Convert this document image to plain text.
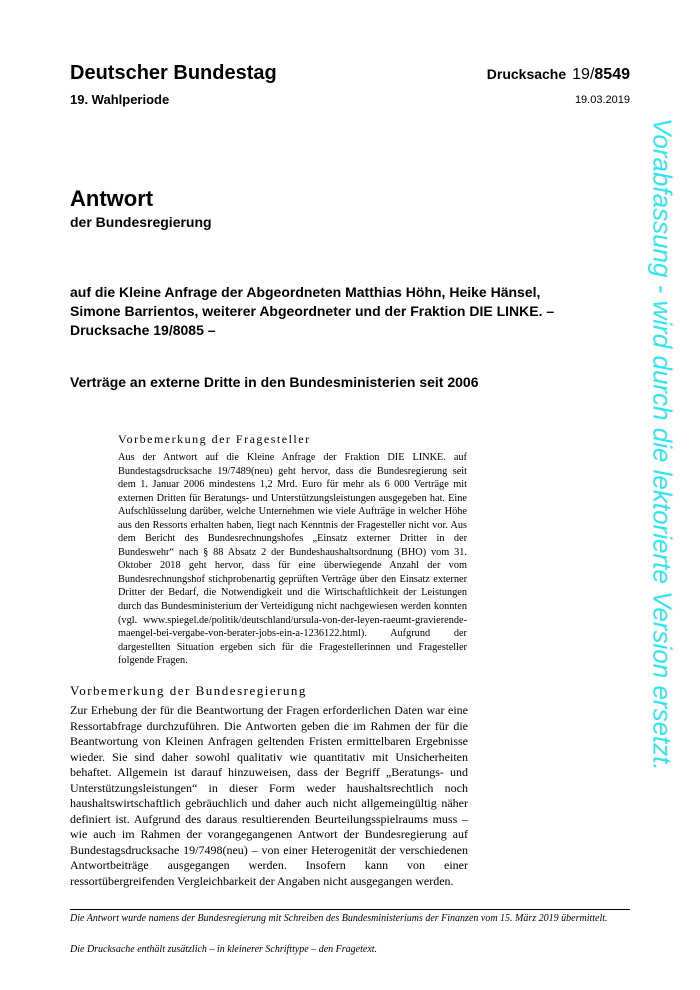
Deutscher Bundestag
19. Wahlperiode
Drucksache 19/8549
19.03.2019
Antwort
der Bundesregierung
auf die Kleine Anfrage der Abgeordneten Matthias Höhn, Heike Hänsel, Simone Barrientos, weiterer Abgeordneter und der Fraktion DIE LINKE. – Drucksache 19/8085 –
Verträge an externe Dritte in den Bundesministerien seit 2006
Vorbemerkung der Fragesteller
Aus der Antwort auf die Kleine Anfrage der Fraktion DIE LINKE. auf Bundestagsdrucksache 19/7489(neu) geht hervor, dass die Bundesregierung seit dem 1. Januar 2006 mindestens 1,2 Mrd. Euro für mehr als 6 000 Verträge mit externen Dritten für Beratungs- und Unterstützungsleistungen ausgegeben hat. Eine Aufschlüsselung darüber, welche Unternehmen wie viele Aufträge in welcher Höhe aus den Ressorts erhalten haben, liegt nach Kenntnis der Fragesteller nicht vor. Aus dem Bericht des Bundesrechnungshofes „Einsatz externer Dritter in der Bundeswehr“ nach § 88 Absatz 2 der Bundeshaushaltsordnung (BHO) vom 31. Oktober 2018 geht hervor, dass für eine überwiegende Anzahl der vom Bundesrechnungshof stichprobenartig geprüften Verträge über den Einsatz externer Dritter der Bedarf, die Notwendigkeit und die Wirtschaftlichkeit der Leistungen durch das Bundesministerium der Verteidigung nicht nachgewiesen werden konnten (vgl. www.spiegel.de/politik/deutschland/ursula-von-der-leyen-raeumt-gravierende-maengel-bei-vergabe-von-berater-jobs-ein-a-1236122.html). Aufgrund der dargestellten Situation ergeben sich für die Fragestellerinnen und Fragesteller folgende Fragen.
Vorbemerkung der Bundesregierung
Zur Erhebung der für die Beantwortung der Fragen erforderlichen Daten war eine Ressortabfrage durchzuführen. Die Antworten geben die im Rahmen der für die Beantwortung von Kleinen Anfragen geltenden Fristen ermittelbaren Ergebnisse wieder. Sie sind daher sowohl qualitativ wie quantitativ mit Unsicherheiten behaftet. Allgemein ist darauf hinzuweisen, dass der Begriff „Beratungs- und Unterstützungsleistungen“ in dieser Form weder haushaltsrechtlich noch haushaltswirtschaftlich gebräuchlich und daher auch nicht allgemeingültig näher definiert ist. Aufgrund des daraus resultierenden Beurteilungsspielraums muss – wie auch im Rahmen der vorangegangenen Antwort der Bundesregierung auf Bundestagsdrucksache 19/7498(neu) – von einer Heterogenität der verschiedenen Antwortbeiträge ausgegangen werden. Insofern kann von einer ressortübergreifenden Vergleichbarkeit der Angaben nicht ausgegangen werden.
Die Antwort wurde namens der Bundesregierung mit Schreiben des Bundesministeriums der Finanzen vom 15. März 2019 übermittelt.
Die Drucksache enthält zusätzlich – in kleinerer Schrifttype – den Fragetext.
Vorabfassung - wird durch die lektorierte Version ersetzt.
